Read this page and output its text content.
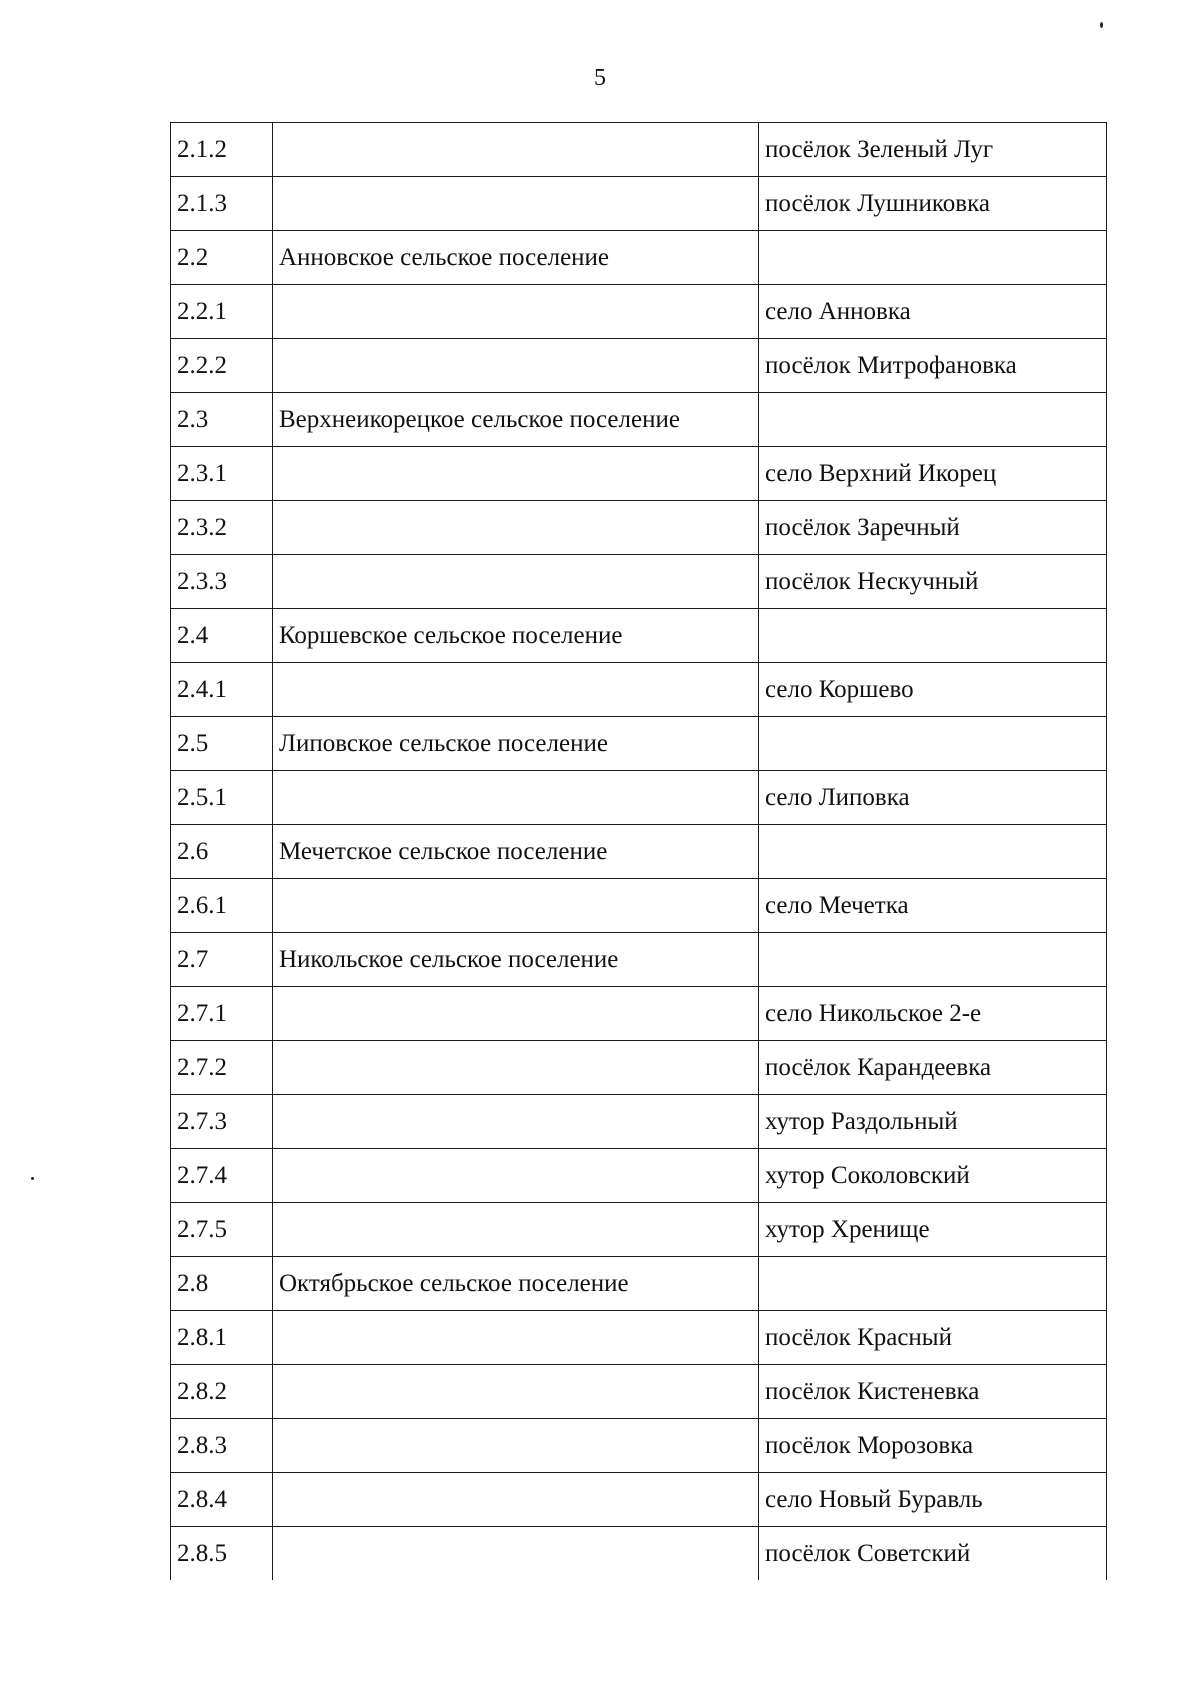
5
2.1.2		посёлок Зеленый Луг
2.1.3		посёлок Лушниковка
2.2	Анновское сельское поселение	
2.2.1		село Анновка
2.2.2		посёлок Митрофановка
2.3	Верхнеикорецкое сельское поселение	
2.3.1		село Верхний Икорец
2.3.2		посёлок Заречный
2.3.3		посёлок Нескучный
2.4	Коршевское сельское поселение	
2.4.1		село Коршево
2.5	Липовское сельское поселение	
2.5.1		село Липовка
2.6	Мечетское сельское поселение	
2.6.1		село Мечетка
2.7	Никольское сельское поселение	
2.7.1		село Никольское 2-е
2.7.2		посёлок Карандеевка
2.7.3		хутор Раздольный
2.7.4		хутор Соколовский
2.7.5		хутор Хренище
2.8	Октябрьское сельское поселение	
2.8.1		посёлок Красный
2.8.2		посёлок Кистеневка
2.8.3		посёлок Морозовка
2.8.4		село Новый Буравль
2.8.5		посёлок Советский
